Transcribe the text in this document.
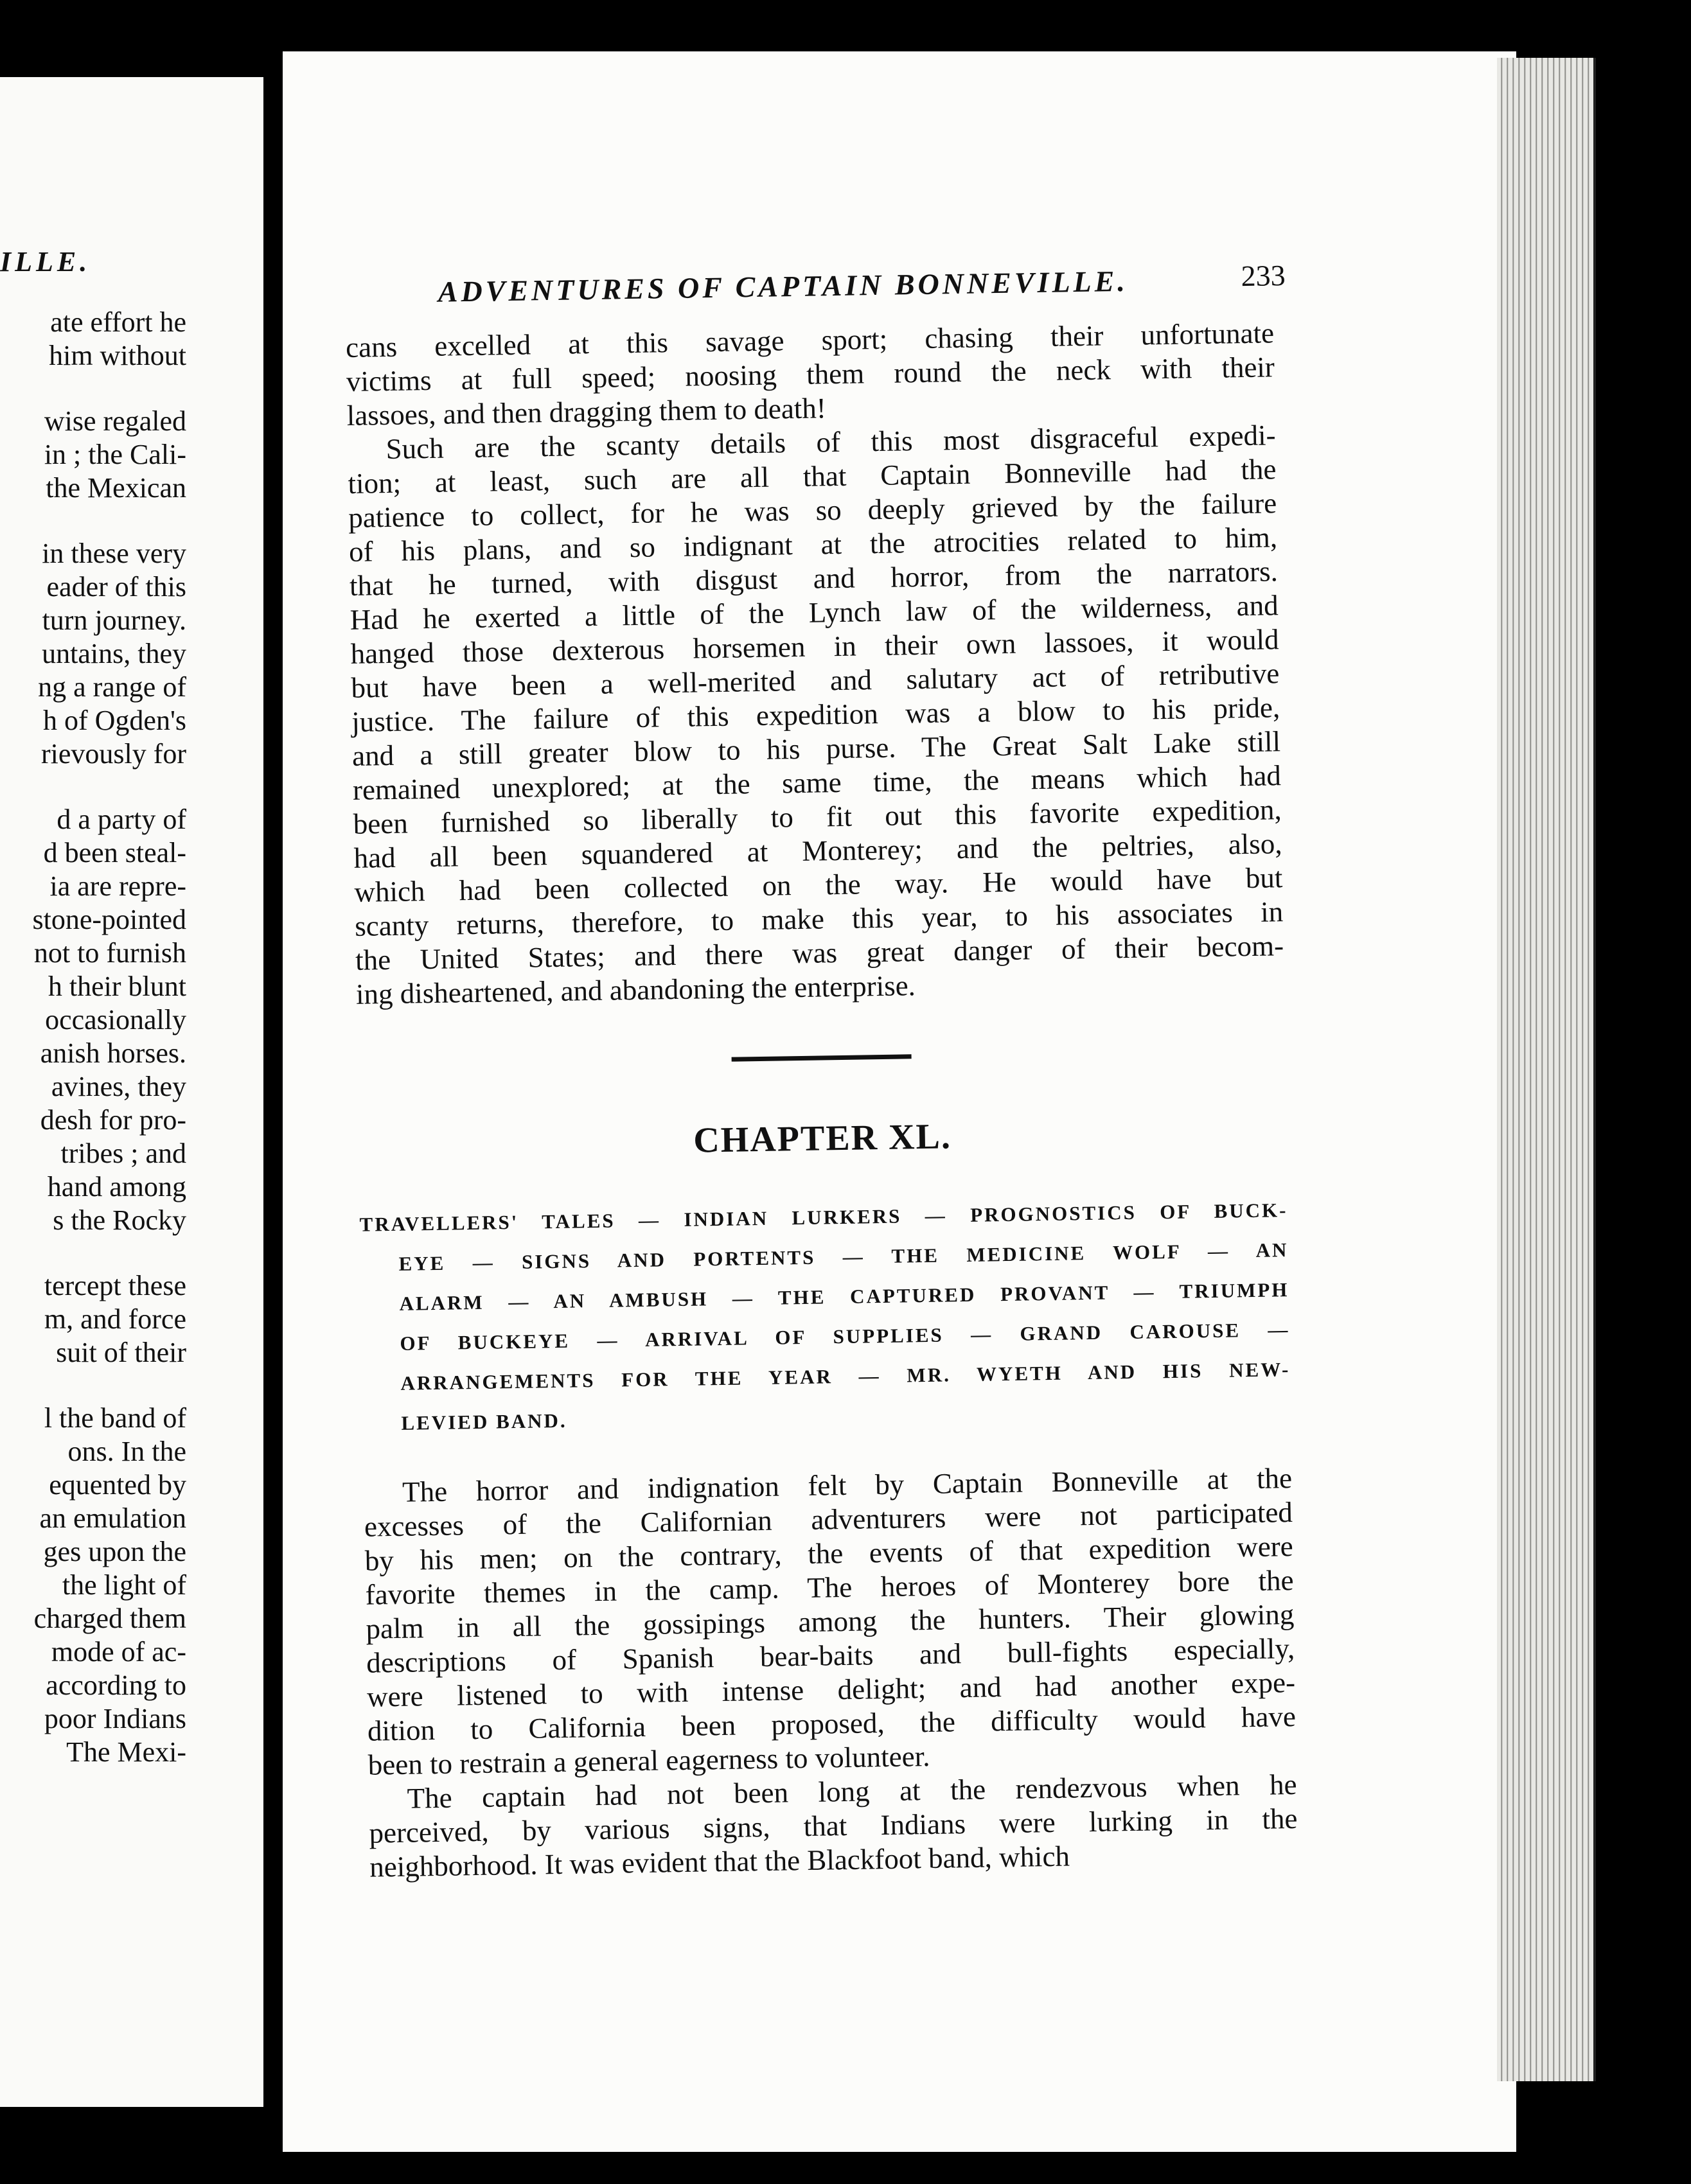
ILLE.
ate effort he
him without
wise regaled
in ; the Cali-
the Mexican
in these very
eader of this
turn journey.
untains, they
ng a range of
h of Ogden's
rievously for
d a party of
d been steal-
ia are repre-
stone-pointed
not to furnish
h their blunt
occasionally
anish horses.
avines, they
desh for pro-
tribes ; and
hand among
s the Rocky
tercept these
m, and force
suit of their
l the band of
ons. In the
equented by
an emulation
ges upon the
the light of
charged them
mode of ac-
according to
poor Indians
The Mexi-
ADVENTURES OF CAPTAIN BONNEVILLE.	233
cans excelled at this savage sport; chasing their unfortunate
victims at full speed; noosing them round the neck with their
lassoes, and then dragging them to death!
Such are the scanty details of this most disgraceful expedi-
tion; at least, such are all that Captain Bonneville had the
patience to collect, for he was so deeply grieved by the failure
of his plans, and so indignant at the atrocities related to him,
that he turned, with disgust and horror, from the narrators.
Had he exerted a little of the Lynch law of the wilderness, and
hanged those dexterous horsemen in their own lassoes, it would
but have been a well-merited and salutary act of retributive
justice. The failure of this expedition was a blow to his pride,
and a still greater blow to his purse. The Great Salt Lake still
remained unexplored; at the same time, the means which had
been furnished so liberally to fit out this favorite expedition,
had all been squandered at Monterey; and the peltries, also,
which had been collected on the way. He would have but
scanty returns, therefore, to make this year, to his associates in
the United States; and there was great danger of their becom-
ing disheartened, and abandoning the enterprise.
CHAPTER XL.
TRAVELLERS' TALES — INDIAN LURKERS — PROGNOSTICS OF BUCK-
EYE — SIGNS AND PORTENTS — THE MEDICINE WOLF — AN
ALARM — AN AMBUSH — THE CAPTURED PROVANT — TRIUMPH
OF BUCKEYE — ARRIVAL OF SUPPLIES — GRAND CAROUSE —
ARRANGEMENTS FOR THE YEAR — MR. WYETH AND HIS NEW-
LEVIED BAND.
The horror and indignation felt by Captain Bonneville at the
excesses of the Californian adventurers were not participated
by his men; on the contrary, the events of that expedition were
favorite themes in the camp. The heroes of Monterey bore the
palm in all the gossipings among the hunters. Their glowing
descriptions of Spanish bear-baits and bull-fights especially,
were listened to with intense delight; and had another expe-
dition to California been proposed, the difficulty would have
been to restrain a general eagerness to volunteer.
The captain had not been long at the rendezvous when he
perceived, by various signs, that Indians were lurking in the
neighborhood. It was evident that the Blackfoot band, which
